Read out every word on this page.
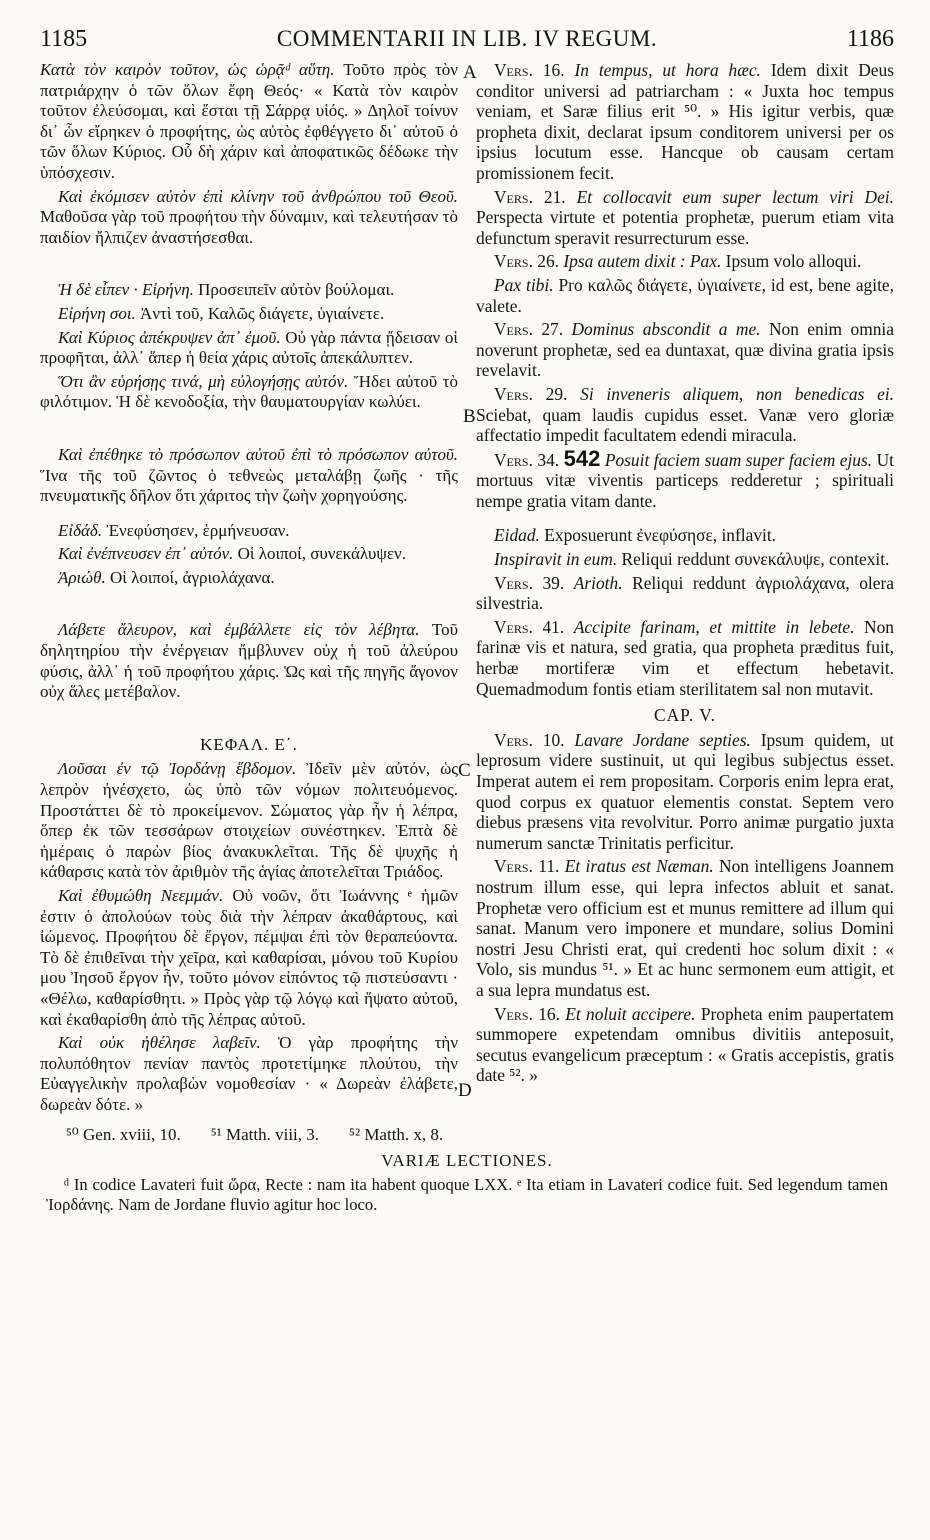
1185	COMMENTARII IN LIB. IV REGUM.	1186
A
B
C
D

Κατὰ τὸν καιρὸν τοῦτον, ὡς ὡρᾷᵈ αὕτη. Τοῦτο πρὸς τὸν πατριάρχην ὁ τῶν ὅλων ἔφη Θεός· « Κατὰ τὸν καιρὸν τοῦτον ἐλεύσομαι, καὶ ἔσται τῇ Σάρρᾳ υἱός. » Δηλοῖ τοίνυν δι᾽ ὧν εἴρηκεν ὁ προφήτης, ὡς αὐτὸς ἐφθέγγετο δι᾽ αὐτοῦ ὁ τῶν ὅλων Κύριος. Οὗ δὴ χάριν καὶ ἀποφατικῶς δέδωκε τὴν ὑπόσχεσιν.

Καὶ ἐκόμισεν αὐτὸν ἐπὶ κλίνην τοῦ ἀνθρώπου τοῦ Θεοῦ. Μαθοῦσα γὰρ τοῦ προφήτου τὴν δύναμιν, καὶ τελευτήσαν τὸ παιδίον ἤλπιζεν ἀναστήσεσθαι.

Ἡ δὲ εἶπεν · Εἰρήνη. Προσειπεῖν αὐτὸν βούλομαι.

Εἰρήνη σοι. Ἀντὶ τοῦ, Καλῶς διάγετε, ὑγιαίνετε.

Καὶ Κύριος ἀπέκρυψεν ἀπ᾽ ἐμοῦ. Οὐ γὰρ πάντα ᾔδεισαν οἱ προφῆται, ἀλλ᾽ ἅπερ ἡ θεία χάρις αὐτοῖς ἀπεκάλυπτεν.

Ὅτι ἂν εὑρήσῃς τινά, μὴ εὐλογήσῃς αὐτόν. Ἤδει αὐτοῦ τὸ φιλότιμον. Ἡ δὲ κενοδοξία, τὴν θαυματουργίαν κωλύει.

Καὶ ἐπέθηκε τὸ πρόσωπον αὐτοῦ ἐπὶ τὸ πρόσωπον αὐτοῦ. Ἵνα τῆς τοῦ ζῶντος ὁ τεθνεὼς μεταλάβῃ ζωῆς · τῆς πνευματικῆς δῆλον ὅτι χάριτος τὴν ζωὴν χορηγούσης.

Εἰδάδ. Ἐνεφύσησεν, ἑρμήνευσαν.

Καὶ ἐνέπνευσεν ἐπ᾽ αὐτόν. Οἱ λοιποί, συνεκάλυψεν.

Ἀριώθ. Οἱ λοιποί, ἀγριολάχανα.

Λάβετε ἄλευρον, καὶ ἐμβάλλετε εἰς τὸν λέβητα. Τοῦ δηλητηρίου τὴν ἐνέργειαν ἤμβλυνεν οὐχ ἡ τοῦ ἀλεύρου φύσις, ἀλλ᾽ ἡ τοῦ προφήτου χάρις. Ὡς καὶ τῆς πηγῆς ἄγονον οὐχ ἅλες μετέβαλον.

ΚΕΦΑΛ. Ε΄.

Λοῦσαι ἐν τῷ Ἰορδάνῃ ἕβδομον. Ἰδεῖν μὲν αὐτόν, ὡς λεπρὸν ἠνέσχετο, ὡς ὑπὸ τῶν νόμων πολιτευόμενος. Προστάττει δὲ τὸ προκείμενον. Σώματος γὰρ ἦν ἡ λέπρα, ὅπερ ἐκ τῶν τεσσάρων στοιχείων συνέστηκεν. Ἑπτὰ δὲ ἡμέραις ὁ παρὼν βίος ἀνακυκλεῖται. Τῆς δὲ ψυχῆς ἡ κάθαρσις κατὰ τὸν ἀριθμὸν τῆς ἁγίας ἀποτελεῖται Τριάδος.

Καὶ ἐθυμώθη Νεεμμάν. Οὐ νοῶν, ὅτι Ἰωάννης ᵉ ἡμῶν ἐστιν ὁ ἀπολούων τοὺς διὰ τὴν λέπραν ἀκαθάρτους, καὶ ἰώμενος. Προφήτου δὲ ἔργον, πέμψαι ἐπὶ τὸν θεραπεύοντα. Τὸ δὲ ἐπιθεῖναι τὴν χεῖρα, καὶ καθαρίσαι, μόνου τοῦ Κυρίου μου Ἰησοῦ ἔργον ἦν, τοῦτο μόνον εἰπόντος τῷ πιστεύσαντι · «Θέλω, καθαρίσθητι. » Πρὸς γὰρ τῷ λόγῳ καὶ ἥψατο αὐτοῦ, καὶ ἐκαθαρίσθη ἀπὸ τῆς λέπρας αὐτοῦ.

Καὶ οὐκ ἠθέλησε λαβεῖν. Ὁ γὰρ προφήτης τὴν πολυπόθητον πενίαν παντὸς προτετίμηκε πλούτου, τὴν Εὐαγγελικὴν προλαβὼν νομοθεσίαν · « Δωρεὰν ἐλάβετε, δωρεὰν δότε. »

Vers. 16. In tempus, ut hora hæc. Idem dixit Deus conditor universi ad patriarcham : « Juxta hoc tempus veniam, et Saræ filius erit ⁵⁰. » His igitur verbis, quæ propheta dixit, declarat ipsum conditorem universi per os ipsius locutum esse. Hancque ob causam certam promissionem fecit.

Vers. 21. Et collocavit eum super lectum viri Dei. Perspecta virtute et potentia prophetæ, puerum etiam vita defunctum speravit resurrecturum esse.

Vers. 26. Ipsa autem dixit : Pax. Ipsum volo alloqui.

Pax tibi. Pro καλῶς διάγετε, ὑγιαίνετε, id est, bene agite, valete.

Vers. 27. Dominus abscondit a me. Non enim omnia noverunt prophetæ, sed ea duntaxat, quæ divina gratia ipsis revelavit.

Vers. 29. Si inveneris aliquem, non benedicas ei. Sciebat, quam laudis cupidus esset. Vanæ vero gloriæ affectatio impedit facultatem edendi miracula.

Vers. 34. 542 Posuit faciem suam super faciem ejus. Ut mortuus vitæ viventis particeps redderetur ; spirituali nempe gratia vitam dante.

Eidad. Exposuerunt ἐνεφύσησε, inflavit.

Inspiravit in eum. Reliqui reddunt συνεκάλυψε, contexit.

Vers. 39. Arioth. Reliqui reddunt ἀγριολάχανα, olera silvestria.

Vers. 41. Accipite farinam, et mittite in lebete. Non farinæ vis et natura, sed gratia, qua propheta præditus fuit, herbæ mortiferæ vim et effectum hebetavit. Quemadmodum fontis etiam sterilitatem sal non mutavit.

CAP. V.

Vers. 10. Lavare Jordane septies. Ipsum quidem, ut leprosum videre sustinuit, ut qui legibus subjectus esset. Imperat autem ei rem propositam. Corporis enim lepra erat, quod corpus ex quatuor elementis constat. Septem vero diebus præsens vita revolvitur. Porro animæ purgatio juxta numerum sanctæ Trinitatis perficitur.

Vers. 11. Et iratus est Næman. Non intelligens Joannem nostrum illum esse, qui lepra infectos abluit et sanat. Prophetæ vero officium est et munus remittere ad illum qui sanat. Manum vero imponere et mundare, solius Domini nostri Jesu Christi erat, qui credenti hoc solum dixit : « Volo, sis mundus ⁵¹. » Et ac hunc sermonem eum attigit, et a sua lepra mundatus est.

Vers. 16. Et noluit accipere. Propheta enim paupertatem summopere expetendam omnibus divitiis anteposuit, secutus evangelicum præceptum : « Gratis accepistis, gratis date ⁵². »

⁵⁰ Gen. xviii, 10. ⁵¹ Matth. viii, 3. ⁵² Matth. x, 8.
VARIÆ LECTIONES.
ᵈ In codice Lavateri fuit ὥρα, Recte : nam ita habent quoque LXX. ᵉ Ita etiam in Lavateri codice fuit. Sed legendum tamen Ἰορδάνης. Nam de Jordane fluvio agitur hoc loco.
